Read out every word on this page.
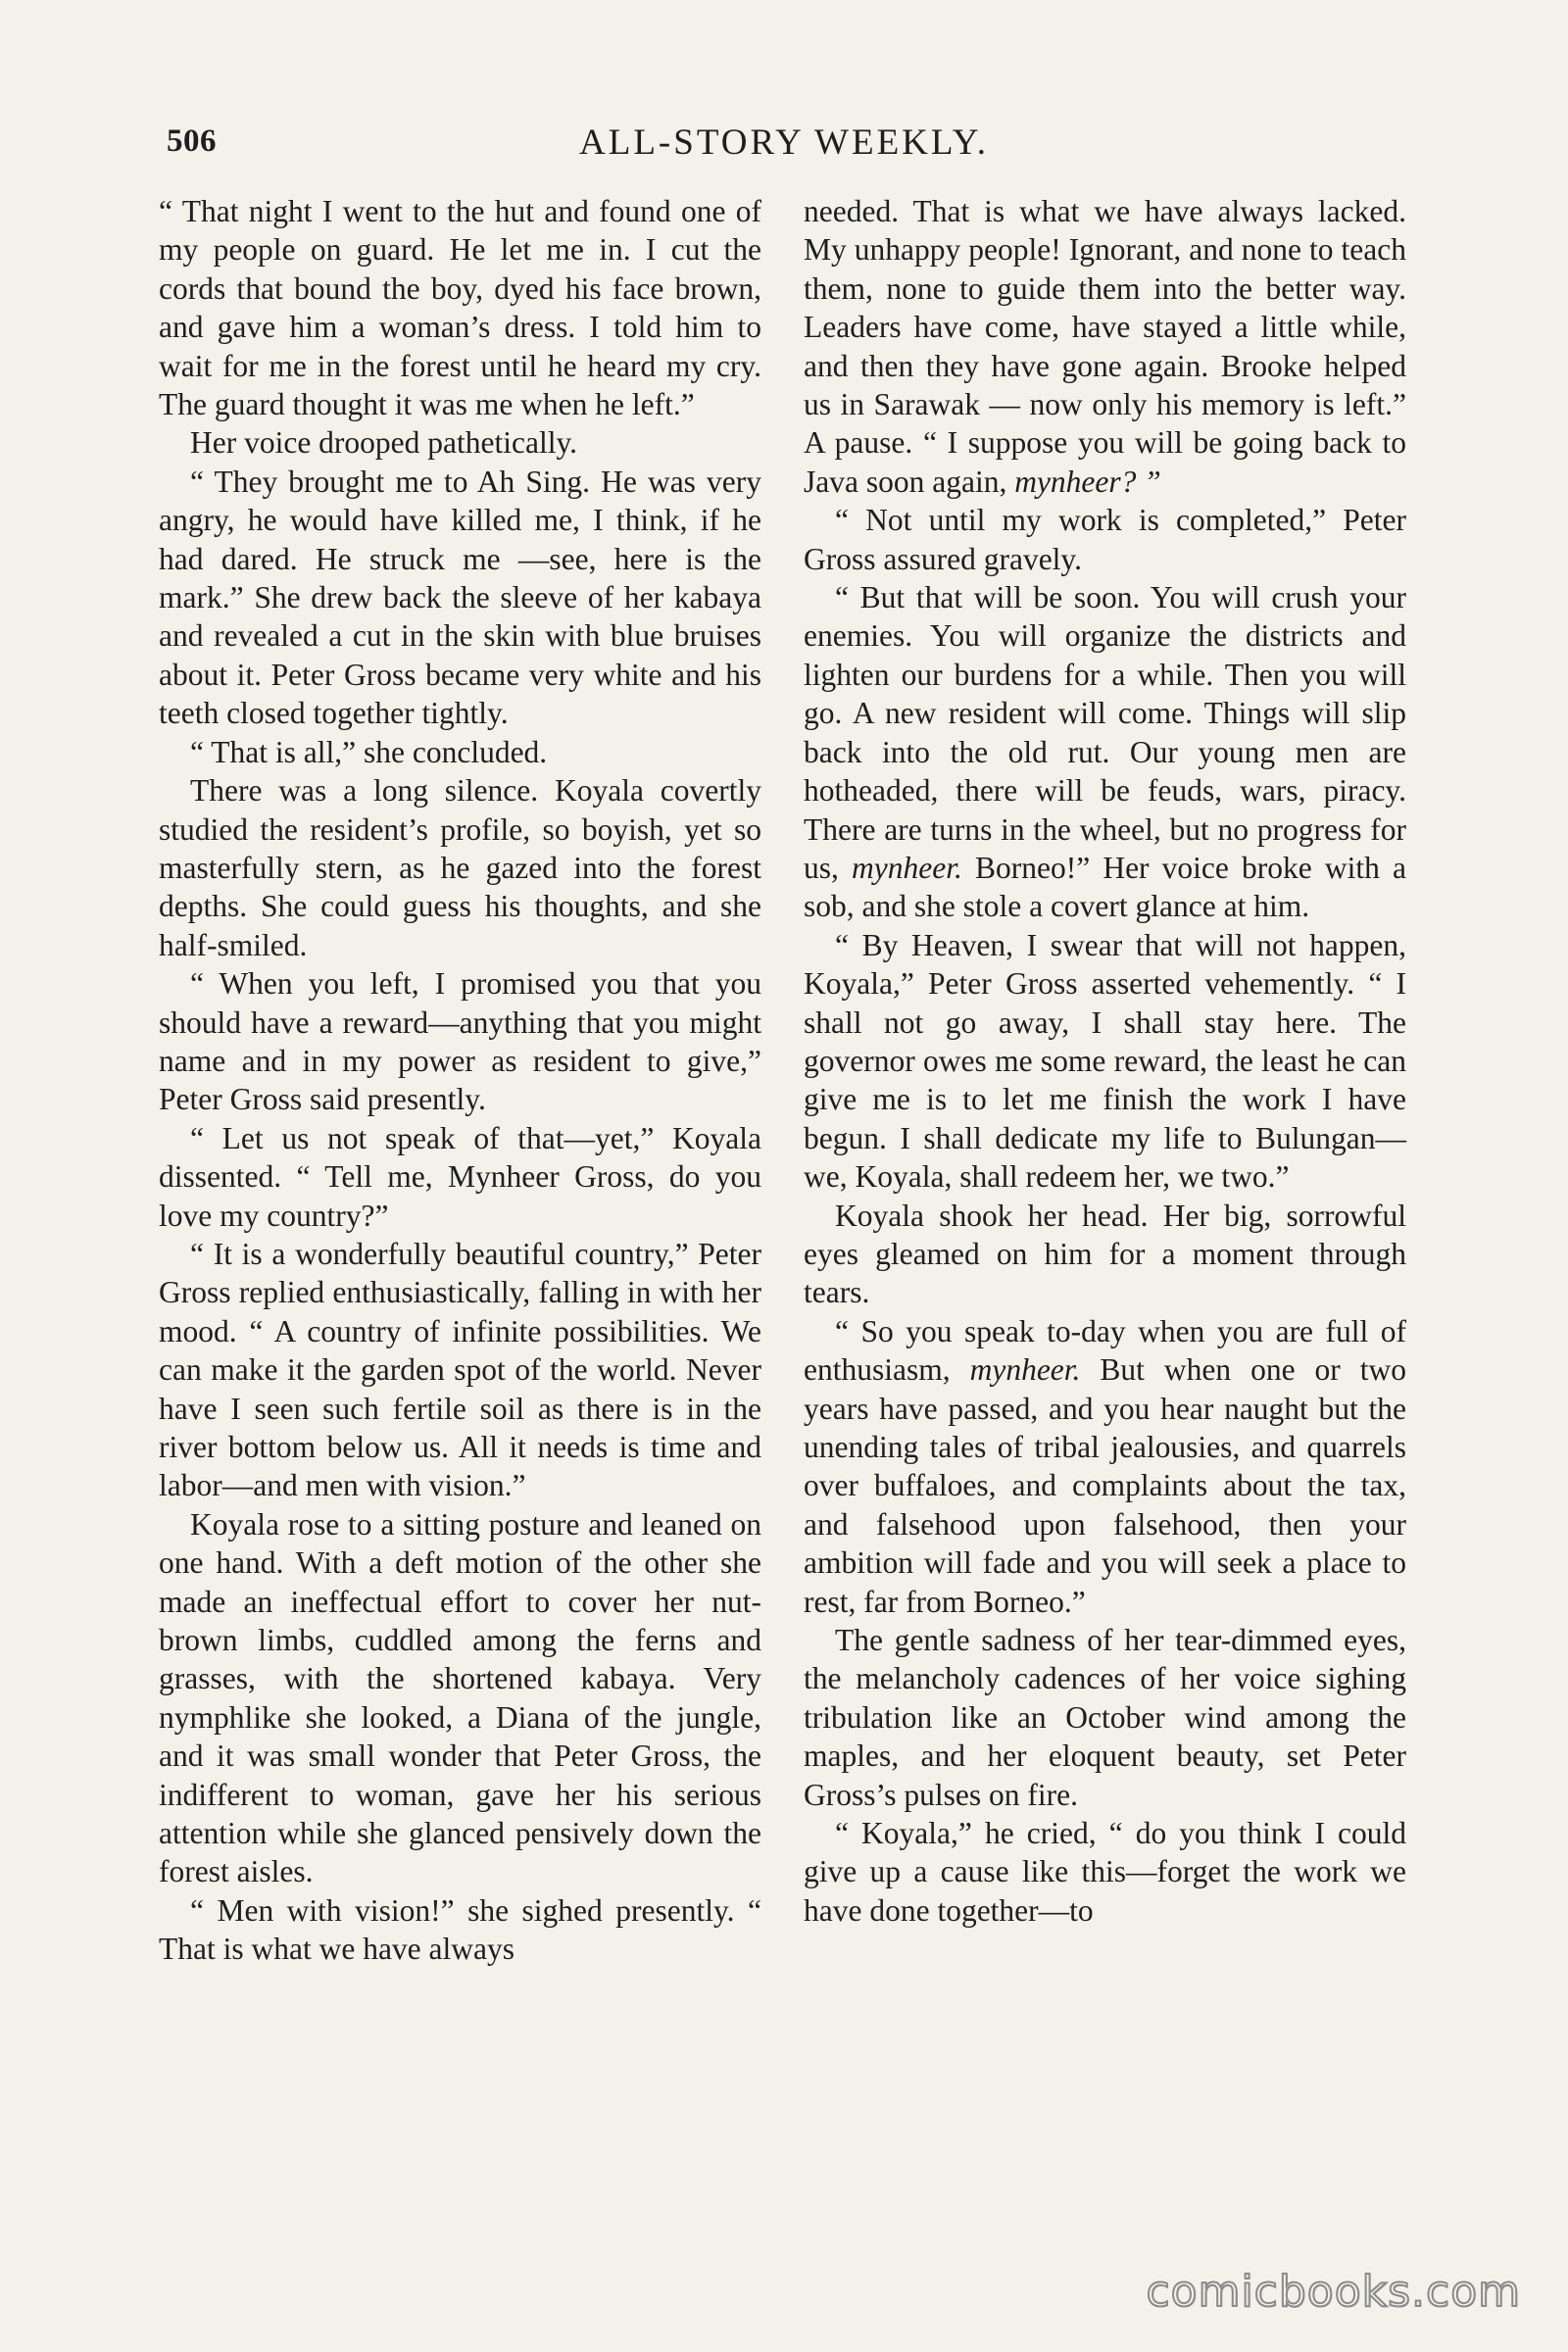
506	ALL-STORY WEEKLY.

“ That night I went to the hut and found one of my people on guard. He let me in. I cut the cords that bound the boy, dyed his face brown, and gave him a woman’s dress. I told him to wait for me in the forest until he heard my cry. The guard thought it was me when he left.”

Her voice drooped pathetically.

“ They brought me to Ah Sing. He was very angry, he would have killed me, I think, if he had dared. He struck me —see, here is the mark.” She drew back the sleeve of her kabaya and revealed a cut in the skin with blue bruises about it. Peter Gross became very white and his teeth closed together tightly.

“ That is all,” she concluded.

There was a long silence. Koyala covertly studied the resident’s profile, so boyish, yet so masterfully stern, as he gazed into the forest depths. She could guess his thoughts, and she half-smiled.

“ When you left, I promised you that you should have a reward—anything that you might name and in my power as resident to give,” Peter Gross said presently.

“ Let us not speak of that—yet,” Koyala dissented. “ Tell me, Mynheer Gross, do you love my country?”

“ It is a wonderfully beautiful country,” Peter Gross replied enthusiastically, falling in with her mood. “ A country of infinite possibilities. We can make it the garden spot of the world. Never have I seen such fertile soil as there is in the river bottom below us. All it needs is time and labor—and men with vision.”

Koyala rose to a sitting posture and leaned on one hand. With a deft motion of the other she made an ineffectual effort to cover her nut-brown limbs, cuddled among the ferns and grasses, with the shortened kabaya. Very nymphlike she looked, a Diana of the jungle, and it was small wonder that Peter Gross, the indifferent to woman, gave her his serious attention while she glanced pensively down the forest aisles.

“ Men with vision!” she sighed presently. “ That is what we have always

needed. That is what we have always lacked. My unhappy people! Ignorant, and none to teach them, none to guide them into the better way. Leaders have come, have stayed a little while, and then they have gone again. Brooke helped us in Sarawak — now only his memory is left.” A pause. “ I suppose you will be going back to Java soon again, mynheer? ”

“ Not until my work is completed,” Peter Gross assured gravely.

“ But that will be soon. You will crush your enemies. You will organize the districts and lighten our burdens for a while. Then you will go. A new resident will come. Things will slip back into the old rut. Our young men are hotheaded, there will be feuds, wars, piracy. There are turns in the wheel, but no progress for us, mynheer. Borneo!” Her voice broke with a sob, and she stole a covert glance at him.

“ By Heaven, I swear that will not happen, Koyala,” Peter Gross asserted vehemently. “ I shall not go away, I shall stay here. The governor owes me some reward, the least he can give me is to let me finish the work I have begun. I shall dedicate my life to Bulungan—we, Koyala, shall redeem her, we two.”

Koyala shook her head. Her big, sorrowful eyes gleamed on him for a moment through tears.

“ So you speak to-day when you are full of enthusiasm, mynheer. But when one or two years have passed, and you hear naught but the unending tales of tribal jealousies, and quarrels over buffaloes, and complaints about the tax, and falsehood upon falsehood, then your ambition will fade and you will seek a place to rest, far from Borneo.”

The gentle sadness of her tear-dimmed eyes, the melancholy cadences of her voice sighing tribulation like an October wind among the maples, and her eloquent beauty, set Peter Gross’s pulses on fire.

“ Koyala,” he cried, “ do you think I could give up a cause like this—forget the work we have done together—to

comicbooks.com
